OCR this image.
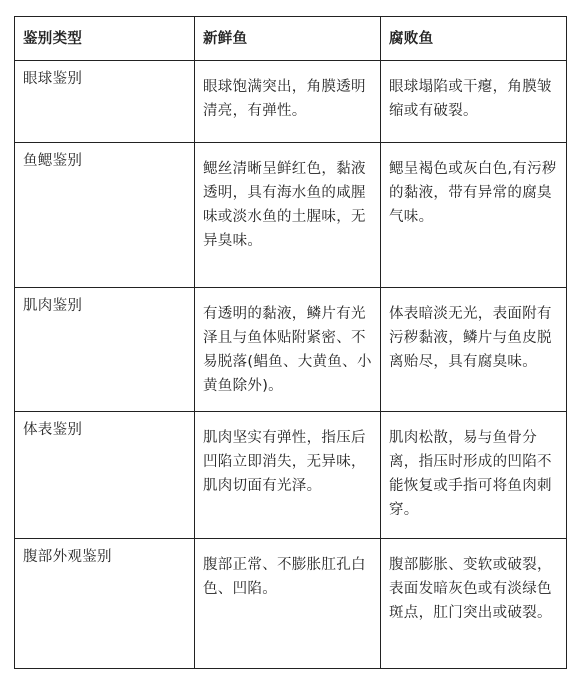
鉴别类型	新鲜鱼	腐败鱼
眼球鉴别	眼球饱满突出，角膜透明清亮，有弹性。	眼球塌陷或干瘪，角膜皱缩或有破裂。
鱼鳃鉴别	鳃丝清晰呈鲜红色，黏液透明，具有海水鱼的咸腥味或淡水鱼的土腥味，无异臭味。	鳃呈褐色或灰白色,有污秽的黏液，带有异常的腐臭气味。
肌肉鉴别	有透明的黏液，鳞片有光泽且与鱼体贴附紧密、不易脱落(鲳鱼、大黄鱼、小黄鱼除外)。	体表暗淡无光，表面附有污秽黏液，鳞片与鱼皮脱离贻尽，具有腐臭味。
体表鉴别	肌肉坚实有弹性，指压后凹陷立即消失，无异味，肌肉切面有光泽。	肌肉松散，易与鱼骨分离，指压时形成的凹陷不能恢复或手指可将鱼肉刺穿。
腹部外观鉴别	腹部正常、不膨胀肛孔白色、凹陷。	腹部膨胀、变软或破裂，表面发暗灰色或有淡绿色斑点，肛门突出或破裂。
